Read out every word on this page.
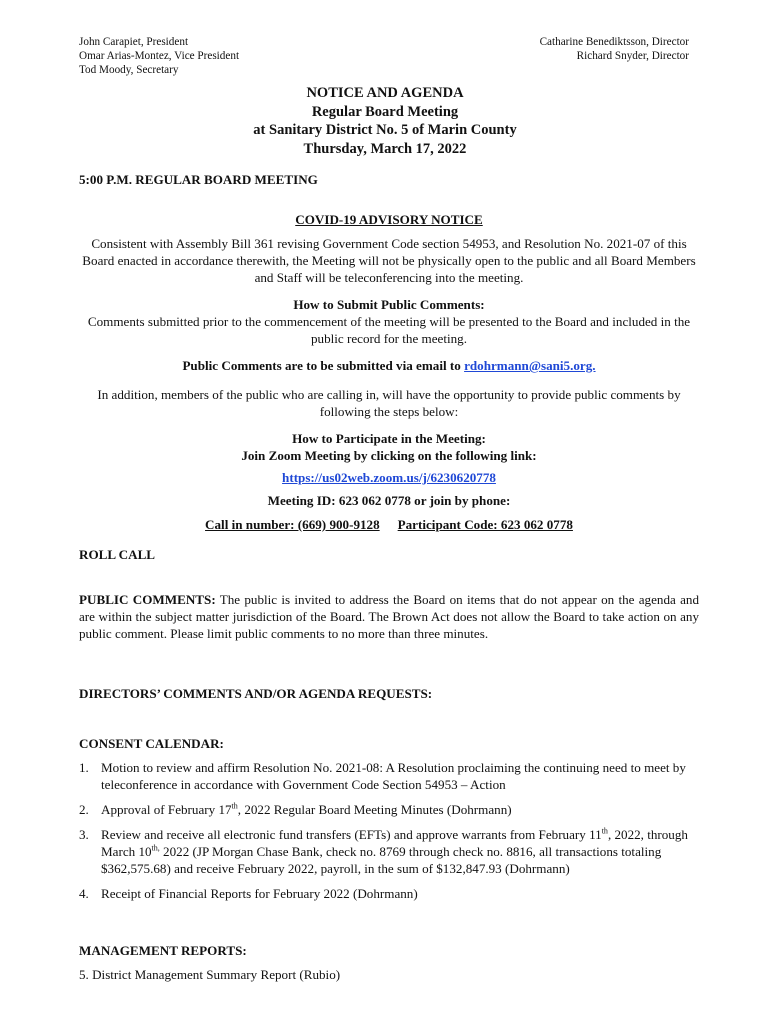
John Carapiet, President
Omar Arias-Montez, Vice President
Tod Moody, Secretary
Catharine Benediktsson, Director
Richard Snyder, Director
NOTICE AND AGENDA
Regular Board Meeting
at Sanitary District No. 5 of Marin County
Thursday, March 17, 2022
5:00 P.M. REGULAR BOARD MEETING
COVID-19 ADVISORY NOTICE
Consistent with Assembly Bill 361 revising Government Code section 54953, and Resolution No. 2021-07 of this Board enacted in accordance therewith, the Meeting will not be physically open to the public and all Board Members and Staff will be teleconferencing into the meeting.
How to Submit Public Comments:
Comments submitted prior to the commencement of the meeting will be presented to the Board and included in the public record for the meeting.
Public Comments are to be submitted via email to rdohrmann@sani5.org.
In addition, members of the public who are calling in, will have the opportunity to provide public comments by following the steps below:
How to Participate in the Meeting:
Join Zoom Meeting by clicking on the following link:
https://us02web.zoom.us/j/6230620778
Meeting ID: 623 062 0778 or join by phone:
Call in number: (669) 900-9128 Participant Code: 623 062 0778
ROLL CALL
PUBLIC COMMENTS: The public is invited to address the Board on items that do not appear on the agenda and are within the subject matter jurisdiction of the Board. The Brown Act does not allow the Board to take action on any public comment. Please limit public comments to no more than three minutes.
DIRECTORS’ COMMENTS AND/OR AGENDA REQUESTS:
CONSENT CALENDAR:
1. Motion to review and affirm Resolution No. 2021-08: A Resolution proclaiming the continuing need to meet by teleconference in accordance with Government Code Section 54953 – Action
2. Approval of February 17th, 2022 Regular Board Meeting Minutes (Dohrmann)
3. Review and receive all electronic fund transfers (EFTs) and approve warrants from February 11th, 2022, through March $10^{th,}$ 2022 (JP Morgan Chase Bank, check no. 8769 through check no. 8816, all transactions totaling $362,575.68) and receive February 2022, payroll, in the sum of $132,847.93 (Dohrmann)
4. Receipt of Financial Reports for February 2022 (Dohrmann)
MANAGEMENT REPORTS:
5. District Management Summary Report (Rubio)
